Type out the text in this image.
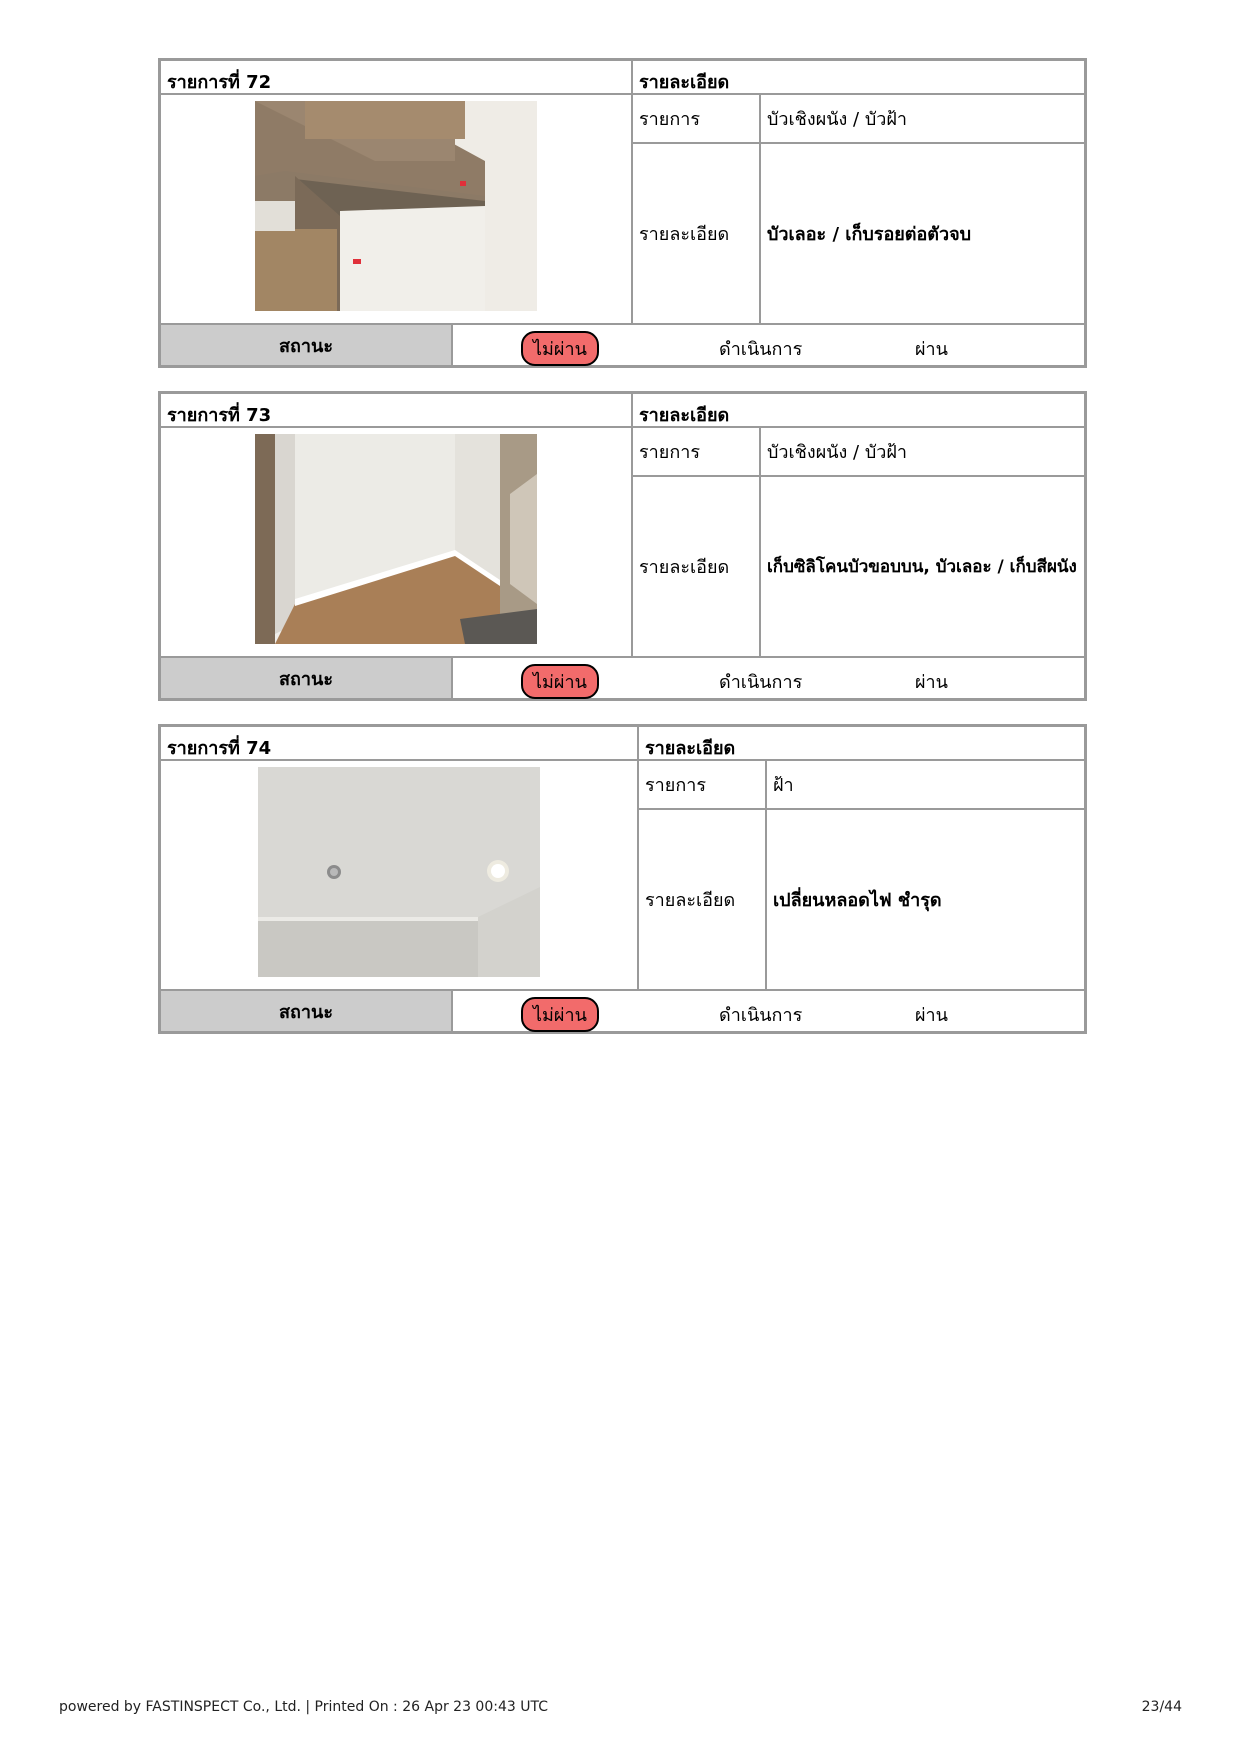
รายการที่ 72	รายละเอียด
รายการ	บัวเชิงผนัง / บัวฝ้า
รายละเอียด	บัวเลอะ / เก็บรอยต่อตัวจบ
สถานะ	ไม่ผ่าน	ดำเนินการ	ผ่าน
รายการที่ 73	รายละเอียด
รายการ	บัวเชิงผนัง / บัวฝ้า
รายละเอียด	เก็บซิลิโคนบัวขอบบน, บัวเลอะ / เก็บสีผนัง
สถานะ	ไม่ผ่าน	ดำเนินการ	ผ่าน
รายการที่ 74	รายละเอียด
รายการ	ฝ้า
รายละเอียด	เปลี่ยนหลอดไฟ ชำรุด
สถานะ	ไม่ผ่าน	ดำเนินการ	ผ่าน
powered by FASTINSPECT Co., Ltd. | Printed On : 26 Apr 23 00:43 UTC	23/44
